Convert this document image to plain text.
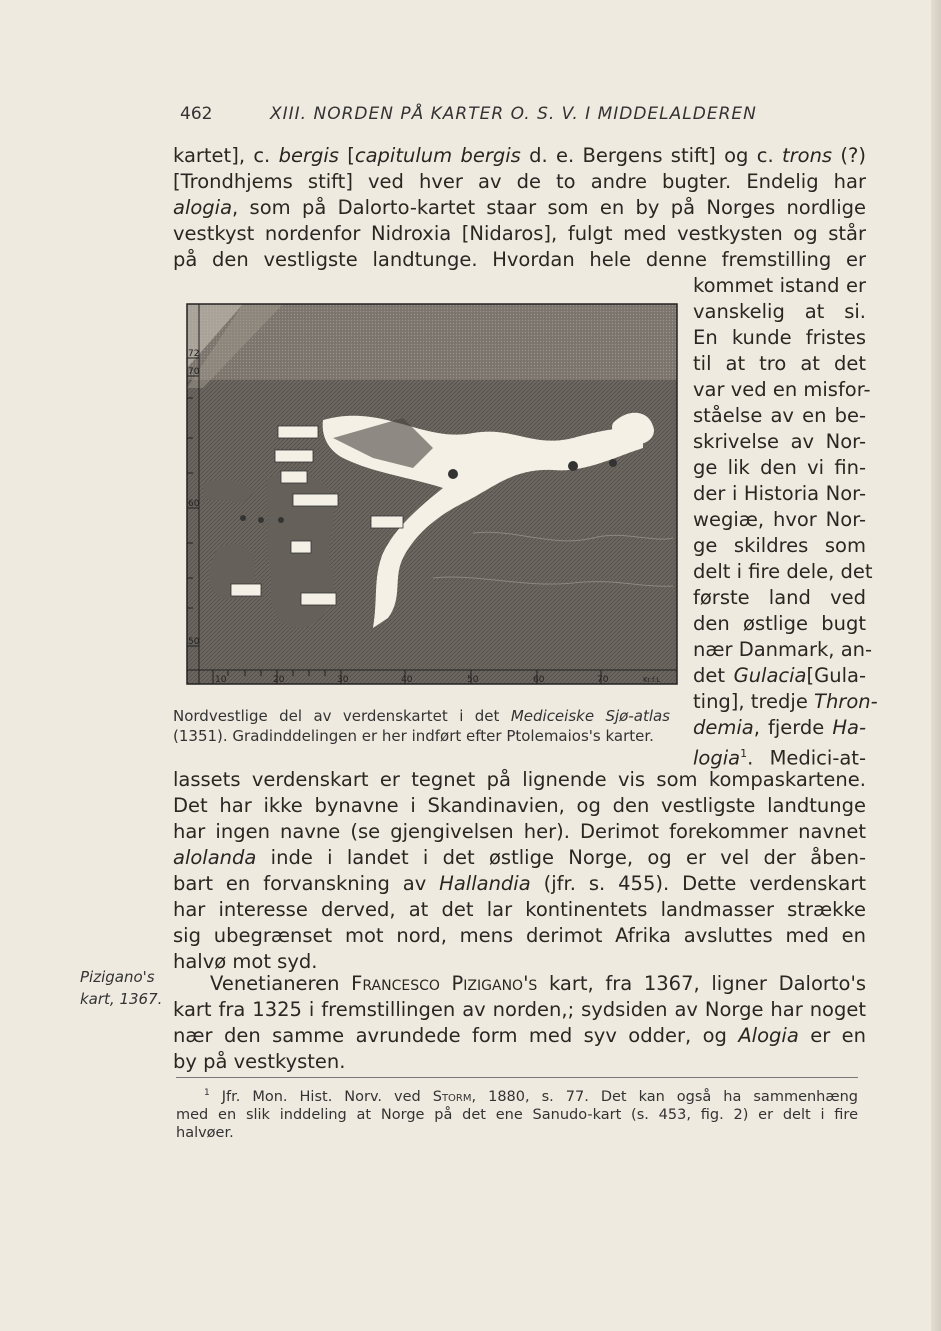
462	XIII. NORDEN PÅ KARTER O. S. V. I MIDDELALDEREN
kartet], c. bergis [capitulum bergis d. e. Bergens stift] og c. trons (?)
[Trondhjems stift] ved hver av de to andre bugter. Endelig har
alogia, som på Dalorto-kartet staar som en by på Norges nordlige
vestkyst nordenfor Nidroxia [Nidaros], fulgt med vestkysten og står
på den vestligste landtunge. Hvordan hele denne fremstilling er
kommet istand er
vanskelig at si.
En kunde fristes
til at tro at det
var ved en misfor-
ståelse av en be-
skrivelse av Nor-
ge lik den vi fin-
der i Historia Nor-
wegiæ, hvor Nor-
ge skildres som
delt i fire dele, det
første land ved
den østlige bugt
nær Danmark, an-
det Gulacia[Gula-
ting], tredje Thron-
demia, fjerde Ha-
logia$^1$. Medici-at-
lassets verdenskart er tegnet på lignende vis som kompaskartene.
Det har ikke bynavne i Skandinavien, og den vestligste landtunge
har ingen navne (se gjengivelsen her). Derimot forekommer navnet
alolanda inde i landet i det østlige Norge, og er vel der åben-
bart en forvanskning av Hallandia (jfr. s. 455). Dette verdenskart
har interesse derved, at det lar kontinentets landmasser strække
sig ubegrænset mot nord, mens derimot Afrika avsluttes med en
halvø mot syd.
Venetianeren Francesco Pizigano's kart, fra 1367, ligner Dalorto's
kart fra 1325 i fremstillingen av norden,; sydsiden av Norge har noget
nær den samme avrundede form med syv odder, og Alogia er en
by på vestkysten.
72
70
60
50
10	20	30	40	50	60	70	Kr.f.L
Nordvestlige del av verdenskartet i det Mediceiske Sjø-atlas
(1351). Gradinddelingen er her indført efter Ptolemaios's karter.
Pizigano's
kart, 1367.
$^1$ Jfr. Mon. Hist. Norv. ved Storm, 1880, s. 77. Det kan også ha sammenhæng
med en slik inddeling at Norge på det ene Sanudo-kart (s. 453, fig. 2) er delt i fire
halvøer.
